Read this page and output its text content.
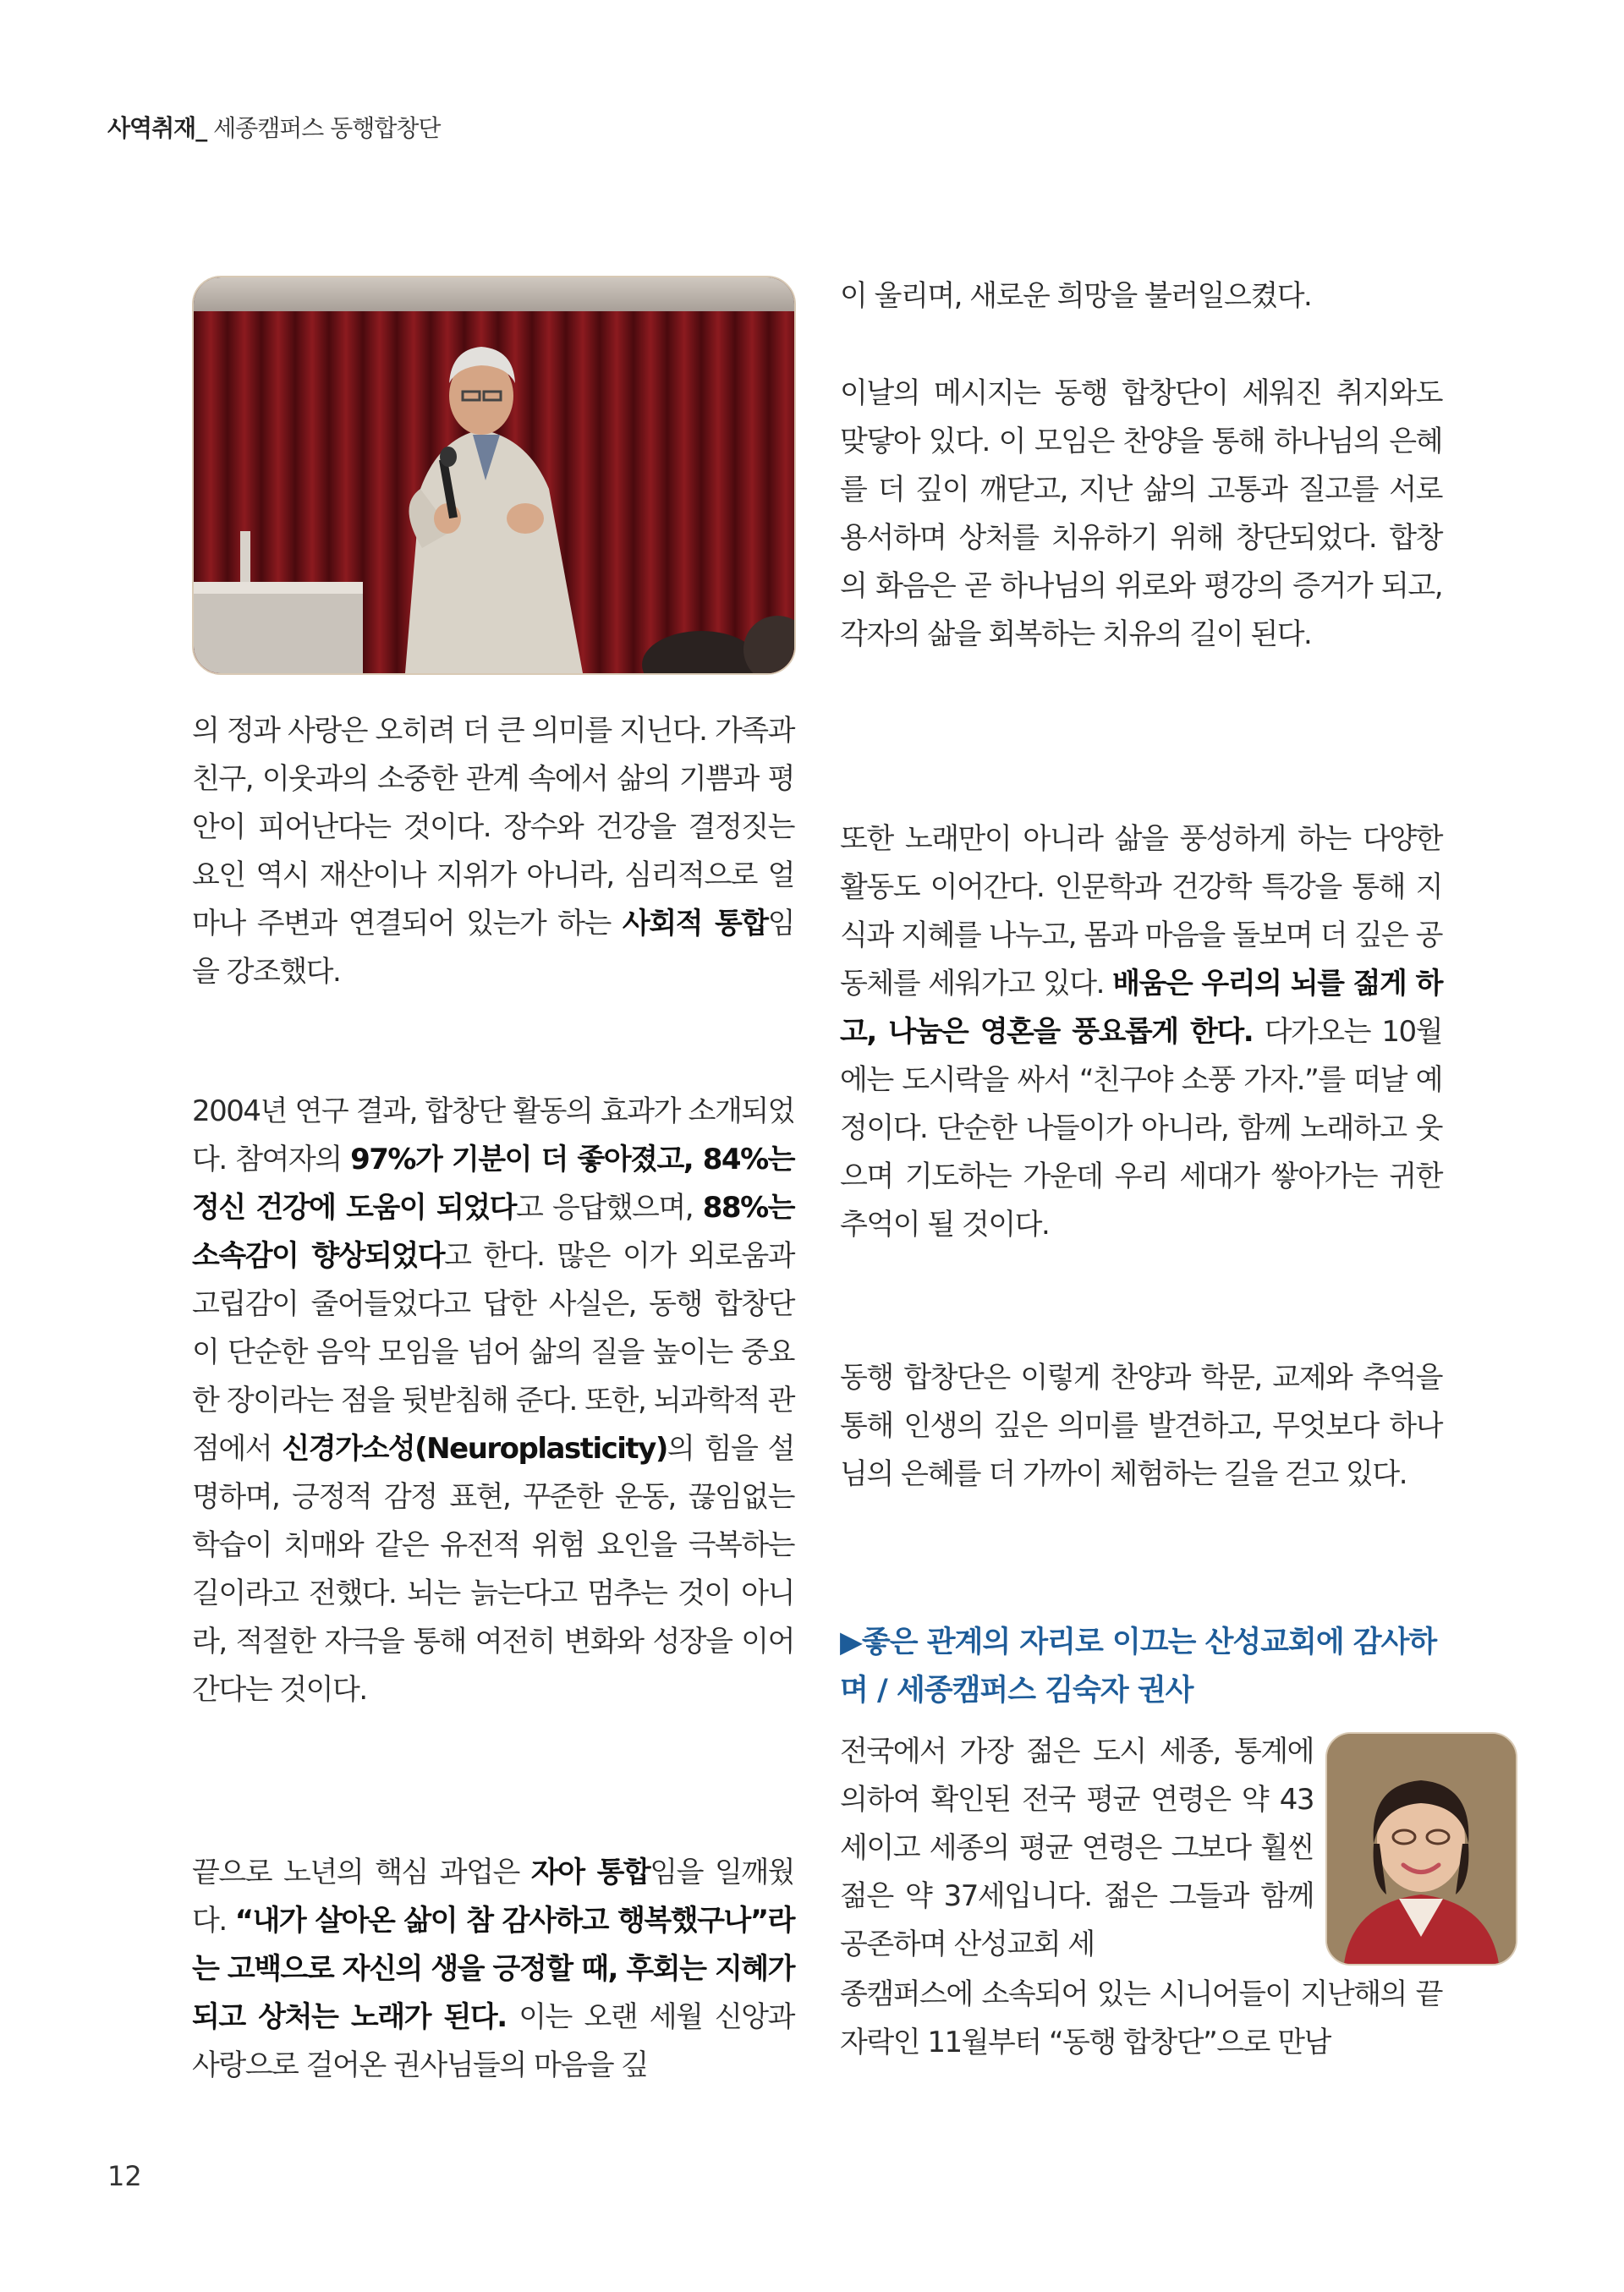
사역취재_ 세종캠퍼스 동행합창단

의 정과 사랑은 오히려 더 큰 의미를 지닌다. 가족과 친구, 이웃과의 소중한 관계 속에서 삶의 기쁨과 평안이 피어난다는 것이다. 장수와 건강을 결정짓는 요인 역시 재산이나 지위가 아니라, 심리적으로 얼마나 주변과 연결되어 있는가 하는 사회적 통합임을 강조했다.

2004년 연구 결과, 합창단 활동의 효과가 소개되었다. 참여자의 97%가 기분이 더 좋아졌고, 84%는 정신 건강에 도움이 되었다고 응답했으며, 88%는 소속감이 향상되었다고 한다. 많은 이가 외로움과 고립감이 줄어들었다고 답한 사실은, 동행 합창단이 단순한 음악 모임을 넘어 삶의 질을 높이는 중요한 장이라는 점을 뒷받침해 준다. 또한, 뇌과학적 관점에서 신경가소성(Neuroplasticity)의 힘을 설명하며, 긍정적 감정 표현, 꾸준한 운동, 끊임없는 학습이 치매와 같은 유전적 위험 요인을 극복하는 길이라고 전했다. 뇌는 늙는다고 멈추는 것이 아니라, 적절한 자극을 통해 여전히 변화와 성장을 이어간다는 것이다.

끝으로 노년의 핵심 과업은 자아 통합임을 일깨웠다. “내가 살아온 삶이 참 감사하고 행복했구나”라는 고백으로 자신의 생을 긍정할 때, 후회는 지혜가 되고 상처는 노래가 된다. 이는 오랜 세월 신앙과 사랑으로 걸어온 권사님들의 마음을 깊

이 울리며, 새로운 희망을 불러일으켰다.

이날의 메시지는 동행 합창단이 세워진 취지와도 맞닿아 있다. 이 모임은 찬양을 통해 하나님의 은혜를 더 깊이 깨닫고, 지난 삶의 고통과 질고를 서로 용서하며 상처를 치유하기 위해 창단되었다. 합창의 화음은 곧 하나님의 위로와 평강의 증거가 되고, 각자의 삶을 회복하는 치유의 길이 된다.

또한 노래만이 아니라 삶을 풍성하게 하는 다양한 활동도 이어간다. 인문학과 건강학 특강을 통해 지식과 지혜를 나누고, 몸과 마음을 돌보며 더 깊은 공동체를 세워가고 있다. 배움은 우리의 뇌를 젊게 하고, 나눔은 영혼을 풍요롭게 한다. 다가오는 10월에는 도시락을 싸서 “친구야 소풍 가자.”를 떠날 예정이다. 단순한 나들이가 아니라, 함께 노래하고 웃으며 기도하는 가운데 우리 세대가 쌓아가는 귀한 추억이 될 것이다.

동행 합창단은 이렇게 찬양과 학문, 교제와 추억을 통해 인생의 깊은 의미를 발견하고, 무엇보다 하나님의 은혜를 더 가까이 체험하는 길을 걷고 있다.

▶좋은 관계의 자리로 이끄는 산성교회에 감사하며 / 세종캠퍼스 김숙자 권사

전국에서 가장 젊은 도시 세종, 통계에 의하여 확인된 전국 평균 연령은 약 43세이고 세종의 평균 연령은 그보다 훨씬 젊은 약 37세입니다. 젊은 그들과 함께 공존하며 산성교회 세

종캠퍼스에 소속되어 있는 시니어들이 지난해의 끝자락인 11월부터 “동행 합창단”으로 만남

12
